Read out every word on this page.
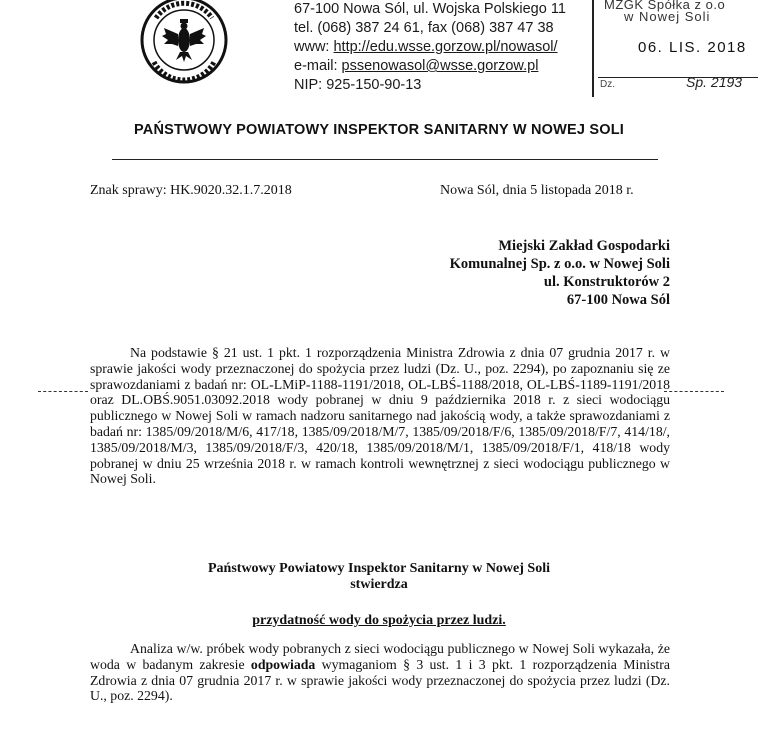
67-100 Nowa Sól, ul. Wojska Polskiego 11
tel. (068) 387 24 61, fax (068) 387 47 38
www: http://edu.wsse.gorzow.pl/nowasol/
e-mail: pssenowasol@wsse.gorzow.pl
NIP: 925-150-90-13
MZGK Spółka z o.o
w Nowej Soli
06. LIS. 2018
Dz.	Sp. 2193
PAŃSTWOWY POWIATOWY INSPEKTOR SANITARNY W NOWEJ SOLI
Znak sprawy: HK.9020.32.1.7.2018	Nowa Sól, dnia 5 listopada 2018 r.
Miejski Zakład Gospodarki
Komunalnej Sp. z o.o. w Nowej Soli
ul. Konstruktorów 2
67-100 Nowa Sól

Na podstawie § 21 ust. 1 pkt. 1 rozporządzenia Ministra Zdrowia z dnia 07 grudnia 2017 r. w sprawie jakości wody przeznaczonej do spożycia przez ludzi (Dz. U., poz. 2294), po zapoznaniu się ze sprawozdaniami z badań nr: OL-LMiP-1188-1191/2018, OL-LBŚ-1188/2018, OL-LBŚ-1189-1191/2018 oraz DL.OBŚ.9051.03092.2018 wody pobranej w dniu 9 października 2018 r. z sieci wodociągu publicznego w Nowej Soli w ramach nadzoru sanitarnego nad jakością wody, a także sprawozdaniami z badań nr: 1385/09/2018/M/6, 417/18, 1385/09/2018/M/7, 1385/09/2018/F/6, 1385/09/2018/F/7, 414/18/, 1385/09/2018/M/3, 1385/09/2018/F/3, 420/18, 1385/09/2018/M/1, 1385/09/2018/F/1, 418/18 wody pobranej w dniu 25 września 2018 r. w ramach kontroli wewnętrznej z sieci wodociągu publicznego w Nowej Soli.

Państwowy Powiatowy Inspektor Sanitarny w Nowej Soli
stwierdza
przydatność wody do spożycia przez ludzi.

Analiza w/w. próbek wody pobranych z sieci wodociągu publicznego w Nowej Soli wykazała, że woda w badanym zakresie odpowiada wymaganiom § 3 ust. 1 i 3 pkt. 1 rozporządzenia Ministra Zdrowia z dnia 07 grudnia 2017 r. w sprawie jakości wody przeznaczonej do spożycia przez ludzi (Dz. U., poz. 2294).
